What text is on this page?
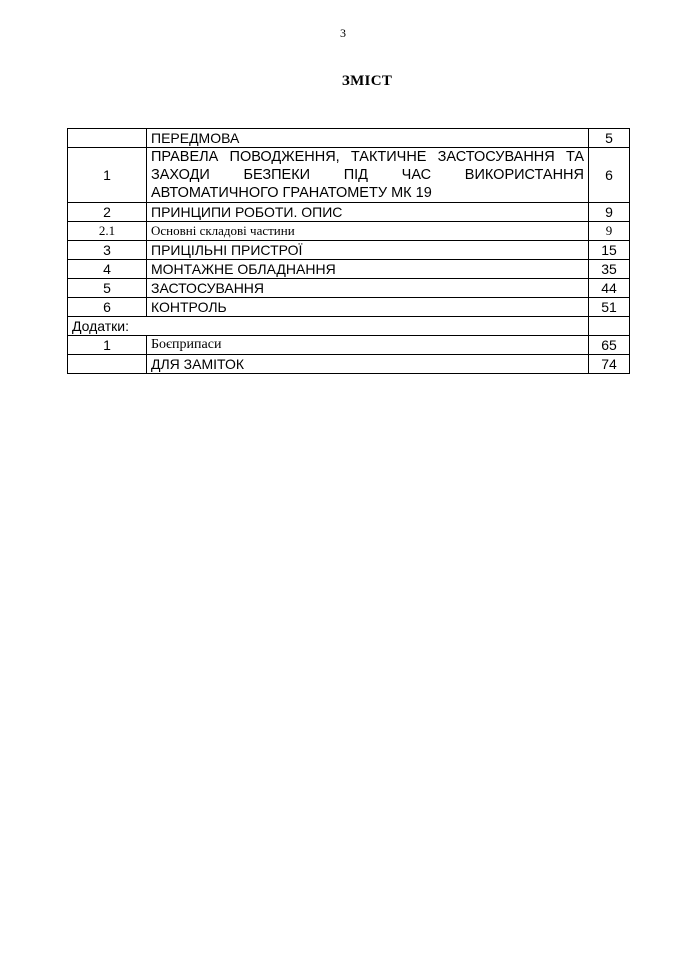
3
ЗМІСТ
	ПЕРЕДМОВА	5
1	ПРАВЕЛА ПОВОДЖЕННЯ, ТАКТИЧНЕ ЗАСТОСУВАННЯ ТА ЗАХОДИ БЕЗПЕКИ ПІД ЧАС ВИКОРИСТАННЯ АВТОМАТИЧНОГО ГРАНАТОМЕТУ МК 19	6
2	ПРИНЦИПИ РОБОТИ. ОПИС	9
2.1	Основні складові частини	9
3	ПРИЦІЛЬНІ ПРИСТРОЇ	15
4	МОНТАЖНЕ ОБЛАДНАННЯ	35
5	ЗАСТОСУВАННЯ	44
6	КОНТРОЛЬ	51
Додатки:		
1	Боєприпаси	65
	ДЛЯ ЗАМІТОК	74
